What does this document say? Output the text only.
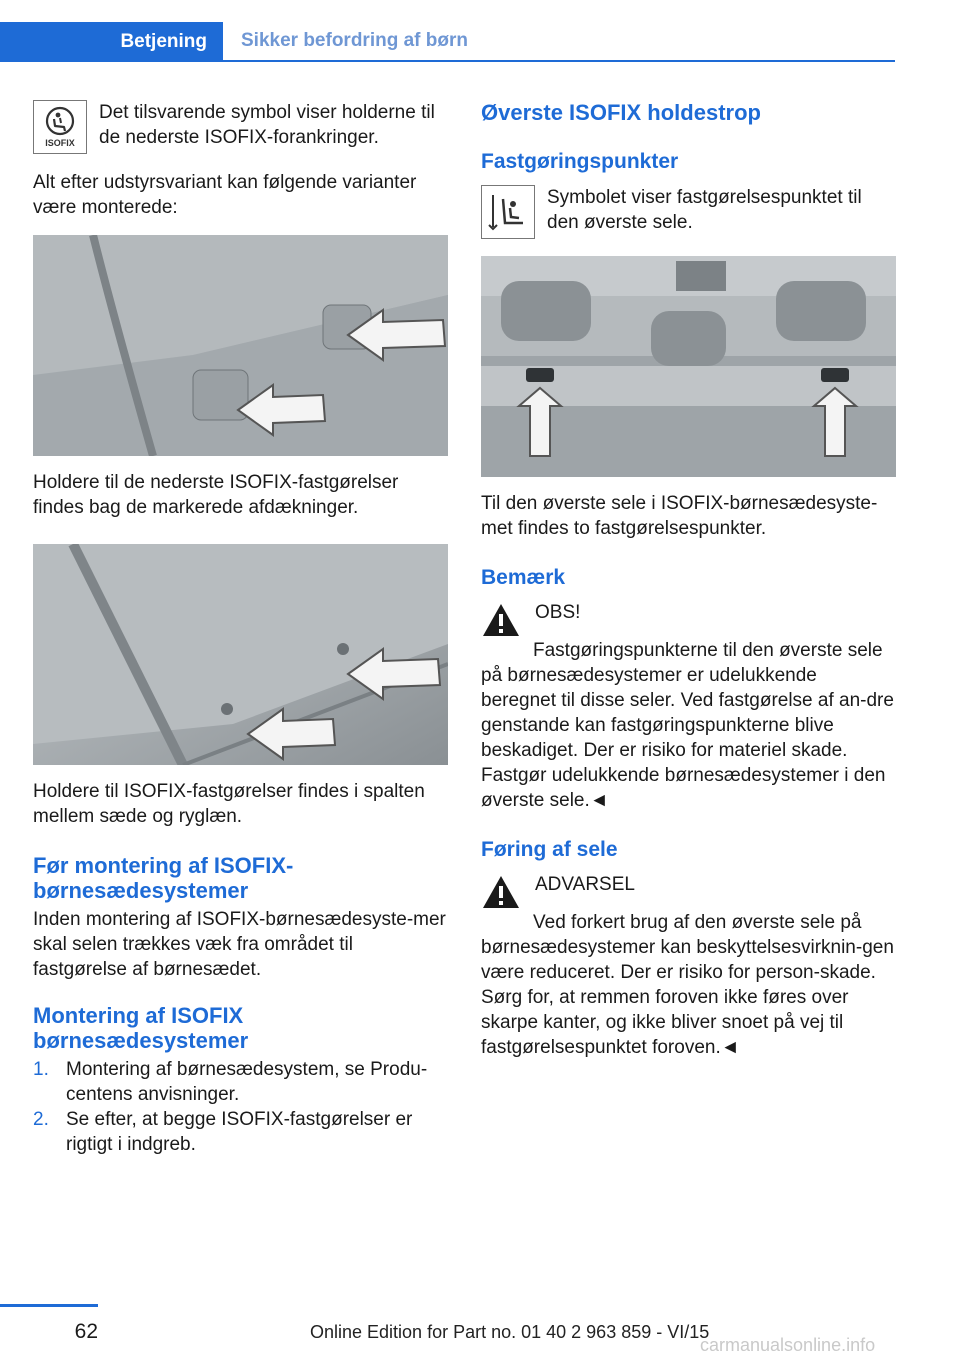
Betjening	Sikker befordring af børn
ISOFIX

Det tilsvarende symbol viser holderne til de nederste ISOFIX-forankringer.

Alt efter udstyrsvariant kan følgende varianter være monterede:

Holdere til de nederste ISOFIX-fastgørelser findes bag de markerede afdækninger.

Holdere til ISOFIX-fastgørelser findes i spalten mellem sæde og ryglæn.

Før montering af ISOFIX-børnesædesystemer

Inden montering af ISOFIX-børnesædesyste-mer skal selen trækkes væk fra området til fastgørelse af børnesædet.

Montering af ISOFIX børnesædesystemer
1. Montering af børnesædesystem, se Produ-centens anvisninger.
2. Se efter, at begge ISOFIX-fastgørelser er rigtigt i indgreb.
Øverste ISOFIX holdestrop
Fastgøringspunkter

Symbolet viser fastgørelsespunktet til den øverste sele.

Til den øverste sele i ISOFIX-børnesædesyste-met findes to fastgørelsespunkter.

Bemærk

OBS!

Fastgøringspunkterne til den øverste sele på børnesædesystemer er udelukkende beregnet til disse seler. Ved fastgørelse af an-dre genstande kan fastgøringspunkterne blive beskadiget. Der er risiko for materiel skade. Fastgør udelukkende børnesædesystemer i den øverste sele.◄

Føring af sele

ADVARSEL

Ved forkert brug af den øverste sele på børnesædesystemer kan beskyttelsesvirknin-gen være reduceret. Der er risiko for person-skade. Sørg for, at remmen foroven ikke føres over skarpe kanter, og ikke bliver snoet på vej til fastgørelsespunktet foroven.◄

62	Online Edition for Part no. 01 40 2 963 859 - VI/15
carmanualsonline.info
